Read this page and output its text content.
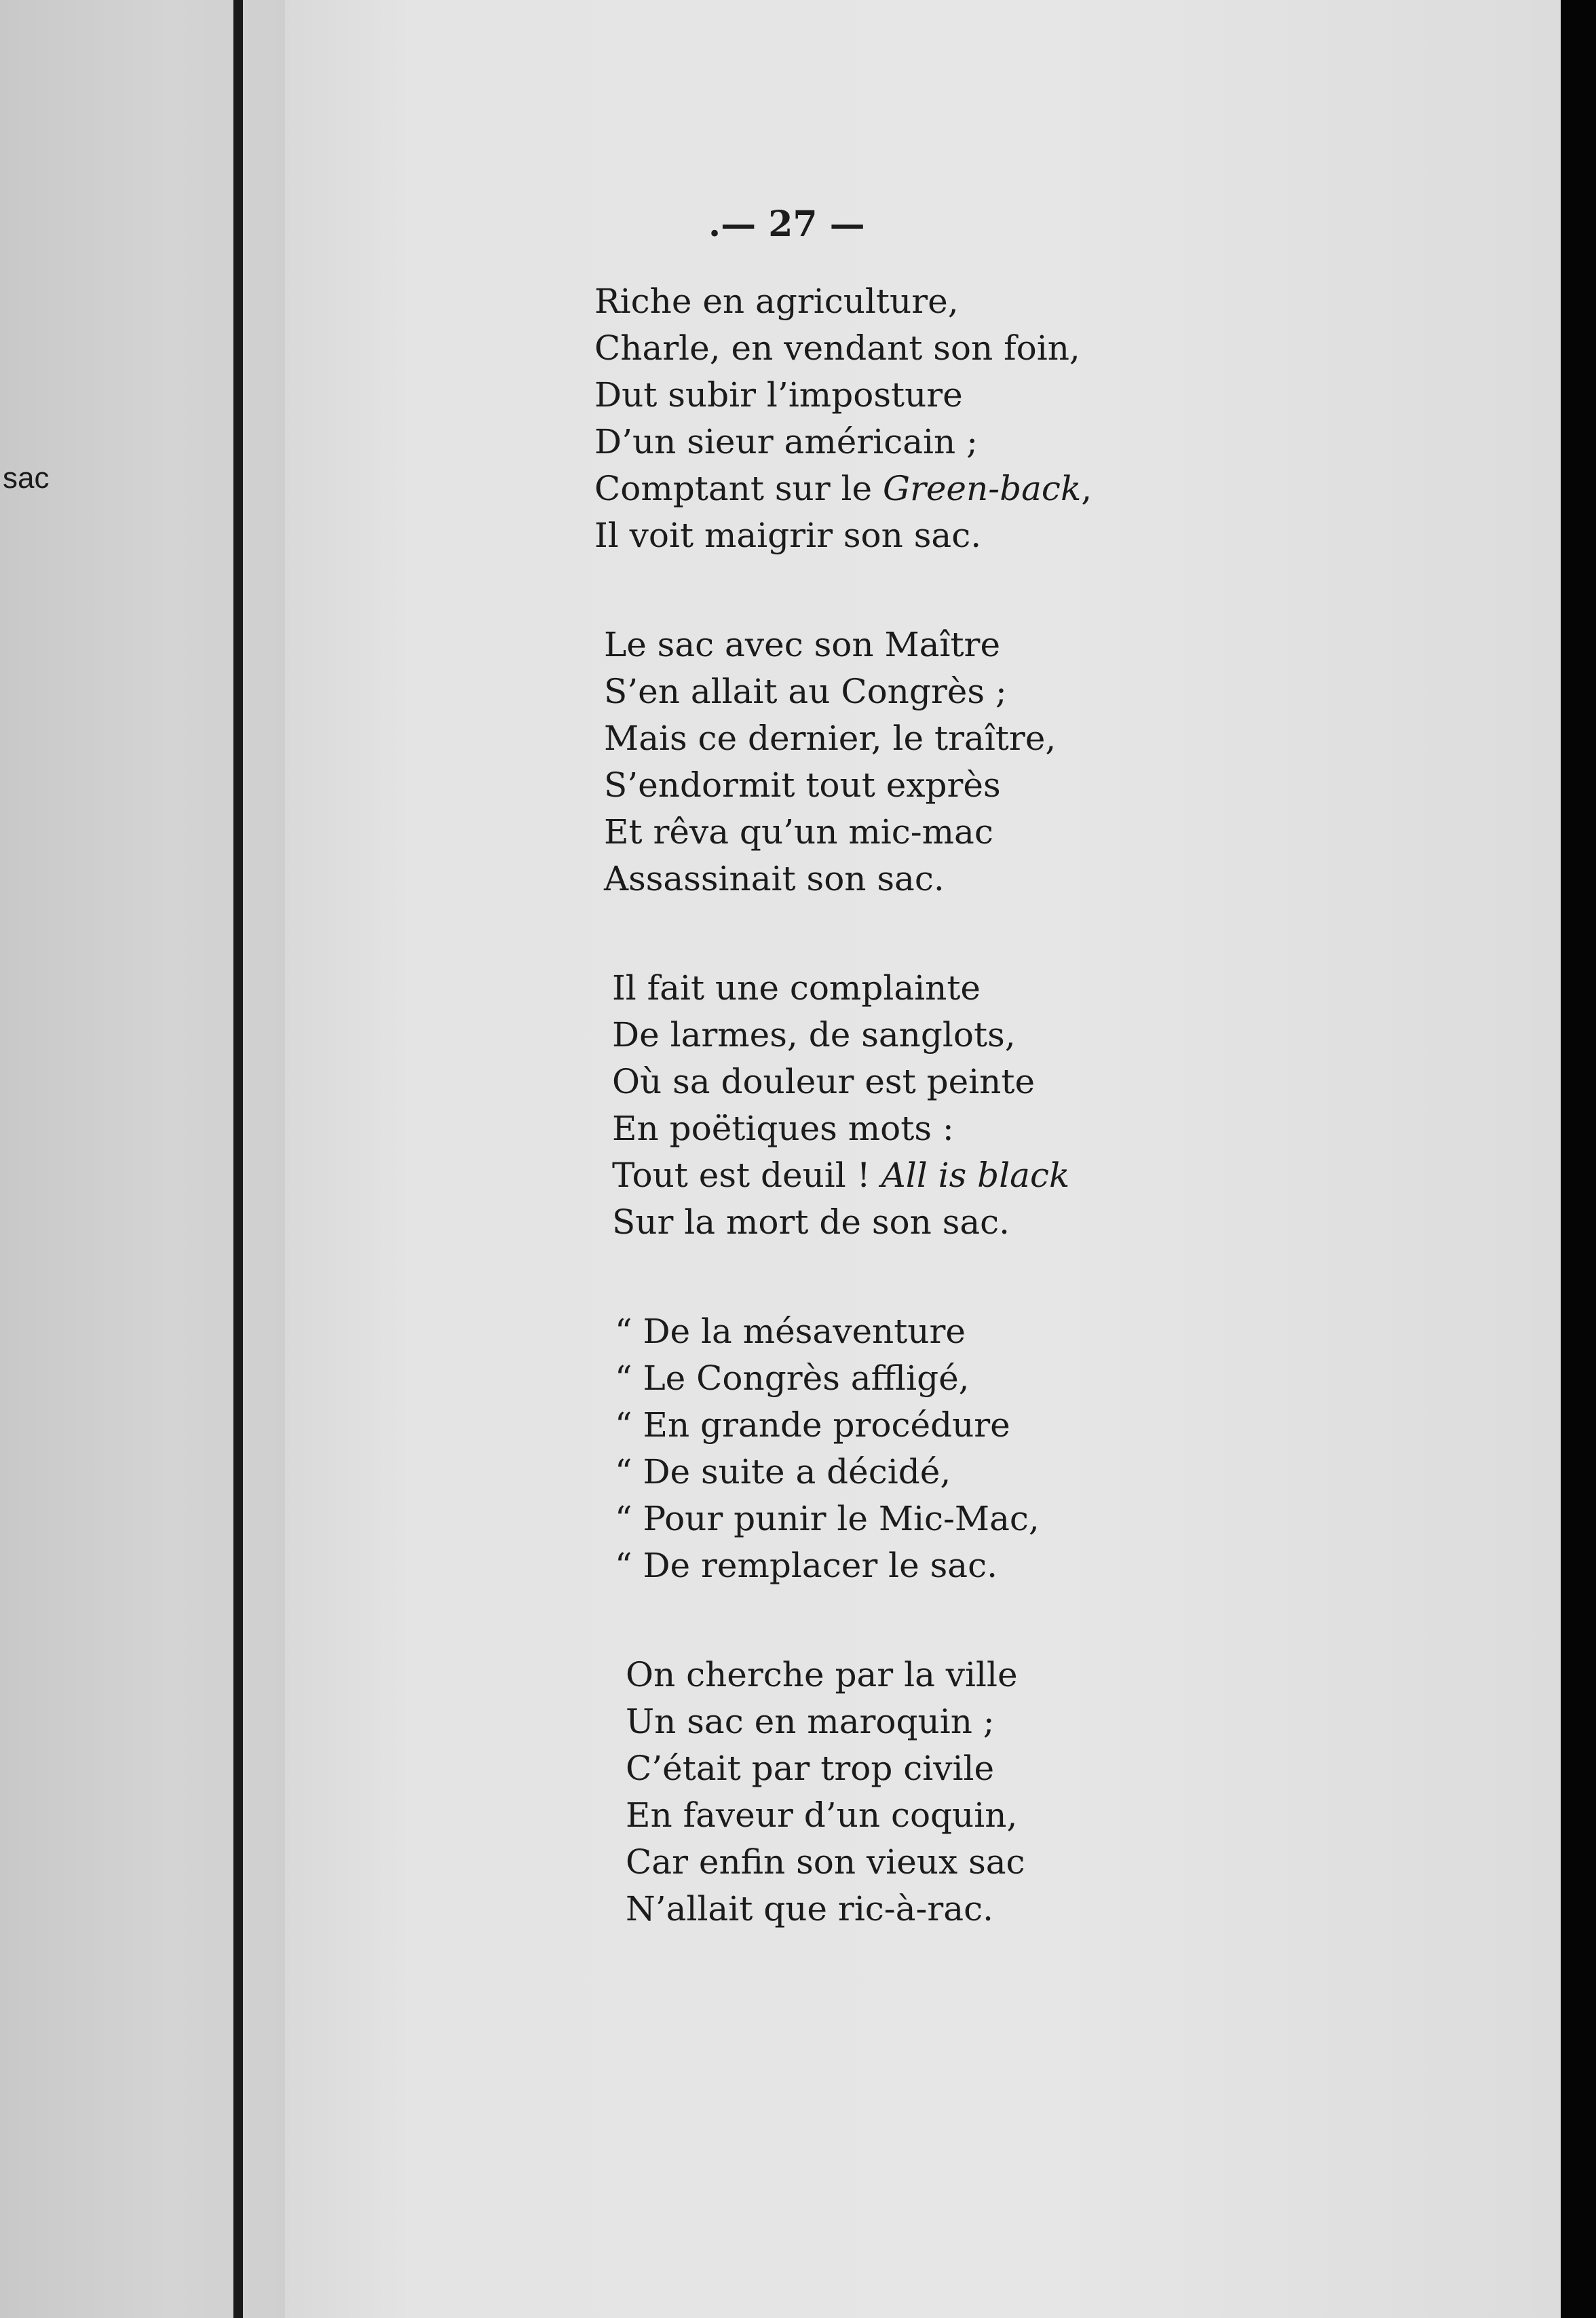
sac
.— 27 —
Riche en agriculture,
Charle, en vendant son foin,
Dut subir l’imposture
D’un sieur américain ;
Comptant sur le Green-back,
Il voit maigrir son sac.
Le sac avec son Maître
S’en allait au Congrès ;
Mais ce dernier, le traître,
S’endormit tout exprès
Et rêva qu’un mic-mac
Assassinait son sac.
Il fait une complainte
De larmes, de sanglots,
Où sa douleur est peinte
En poëtiques mots :
Tout est deuil ! All is black
Sur la mort de son sac.
“ De la mésaventure
“ Le Congrès affligé,
“ En grande procédure
“ De suite a décidé,
“ Pour punir le Mic-Mac,
“ De remplacer le sac.
On cherche par la ville
Un sac en maroquin ;
C’était par trop civile
En faveur d’un coquin,
Car enfin son vieux sac
N’allait que ric-à-rac.
